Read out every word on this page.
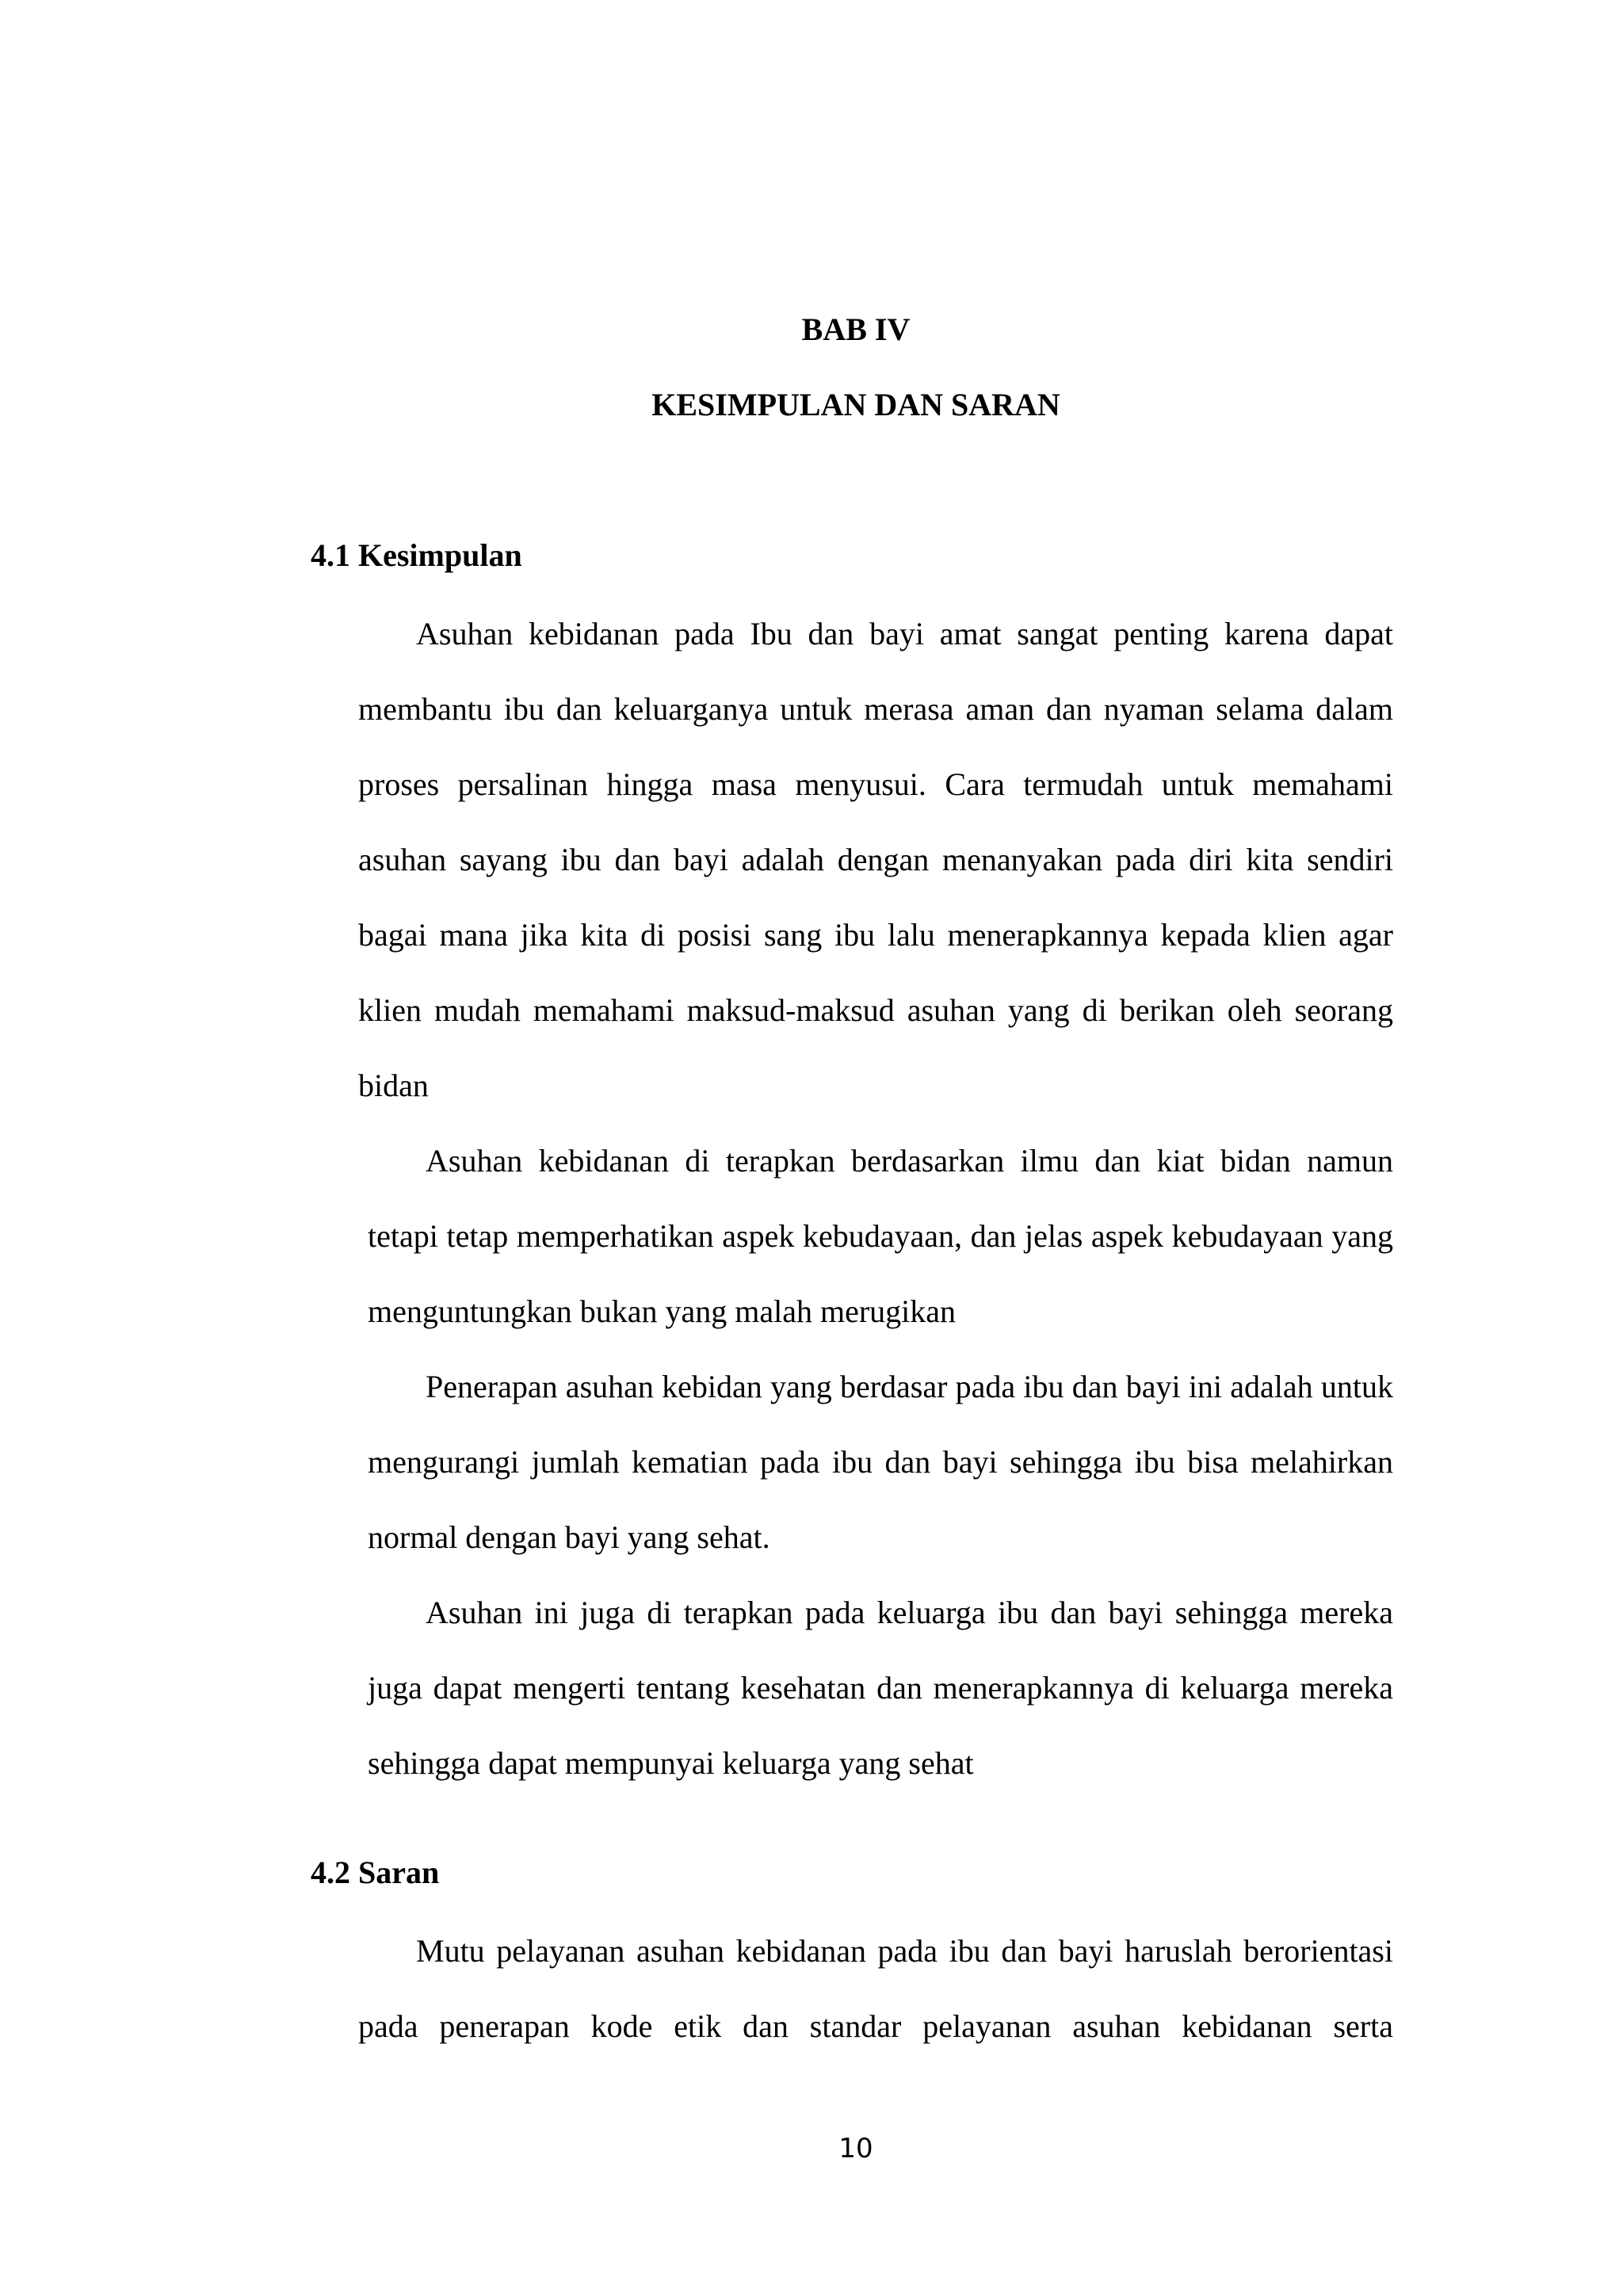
BAB IV
KESIMPULAN DAN SARAN
4.1 Kesimpulan

Asuhan kebidanan pada Ibu dan bayi amat sangat penting karena dapat membantu ibu dan keluarganya untuk merasa aman dan nyaman selama dalam proses persalinan hingga masa menyusui. Cara termudah untuk memahami asuhan sayang ibu dan bayi adalah dengan menanyakan pada diri kita sendiri bagai mana jika kita di posisi sang ibu lalu menerapkannya kepada klien agar klien mudah memahami maksud-maksud asuhan yang di berikan oleh seorang bidan

Asuhan kebidanan di terapkan berdasarkan ilmu dan kiat bidan namun tetapi tetap memperhatikan aspek kebudayaan, dan jelas aspek kebudayaan yang menguntungkan bukan yang malah merugikan

Penerapan asuhan kebidan yang berdasar pada ibu dan bayi ini adalah untuk mengurangi jumlah kematian pada ibu dan bayi sehingga ibu bisa melahirkan normal dengan bayi yang sehat.

Asuhan ini juga di terapkan pada keluarga ibu dan bayi sehingga mereka juga dapat mengerti tentang kesehatan dan menerapkannya di keluarga mereka sehingga dapat mempunyai keluarga yang sehat

4.2 Saran

Mutu pelayanan asuhan kebidanan pada ibu dan bayi haruslah berorientasi pada penerapan kode etik dan standar pelayanan asuhan kebidanan serta

10
